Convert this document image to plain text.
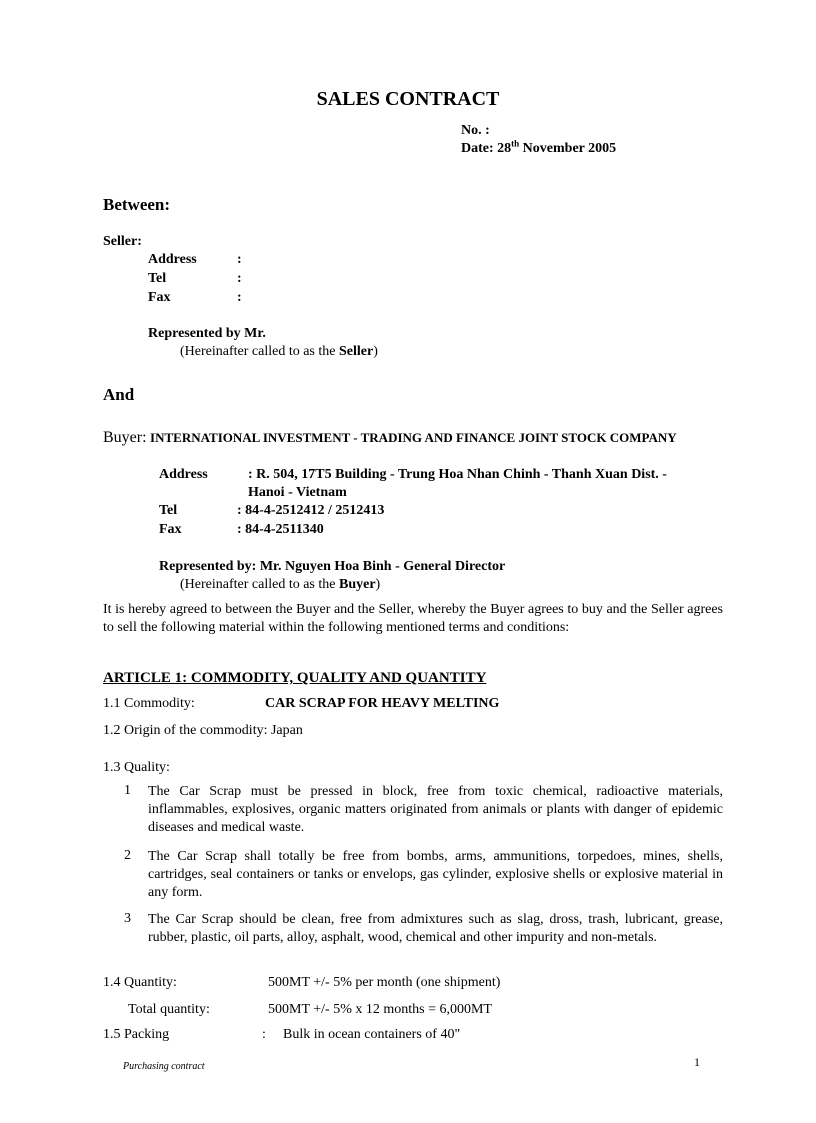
SALES CONTRACT
No. :
Date: 28th November 2005
Between:
Seller:
Address	:
Tel	:
Fax	:
Represented by Mr.
(Hereinafter called to as the Seller)
And
Buyer: INTERNATIONAL INVESTMENT - TRADING AND FINANCE JOINT STOCK COMPANY
Address	: R. 504, 17T5 Building - Trung Hoa Nhan Chinh - Thanh Xuan Dist. -
Hanoi - Vietnam
Tel	: 84-4-2512412 / 2512413
Fax	: 84-4-2511340
Represented by: Mr. Nguyen Hoa Binh - General Director
(Hereinafter called to as the Buyer)
It is hereby agreed to between the Buyer and the Seller, whereby the Buyer agrees to buy and the Seller agrees to sell the following material within the following mentioned terms and conditions:
ARTICLE 1: COMMODITY, QUALITY AND QUANTITY
1.1 Commodity:	CAR SCRAP FOR HEAVY MELTING
1.2 Origin of the commodity: Japan
1.3 Quality:
1 The Car Scrap must be pressed in block, free from toxic chemical, radioactive materials, inflammables, explosives, organic matters originated from animals or plants with danger of epidemic diseases and medical waste.
2 The Car Scrap shall totally be free from bombs, arms, ammunitions, torpedoes, mines, shells, cartridges, seal containers or tanks or envelops, gas cylinder, explosive shells or explosive material in any form.
3 The Car Scrap should be clean, free from admixtures such as slag, dross, trash, lubricant, grease, rubber, plastic, oil parts, alloy, asphalt, wood, chemical and other impurity and non-metals.
1.4 Quantity:	500MT +/- 5% per month (one shipment)
Total quantity:	500MT +/- 5% x 12 months = 6,000MT
1.5 Packing	: Bulk in ocean containers of 40"
Purchasing contract	1
